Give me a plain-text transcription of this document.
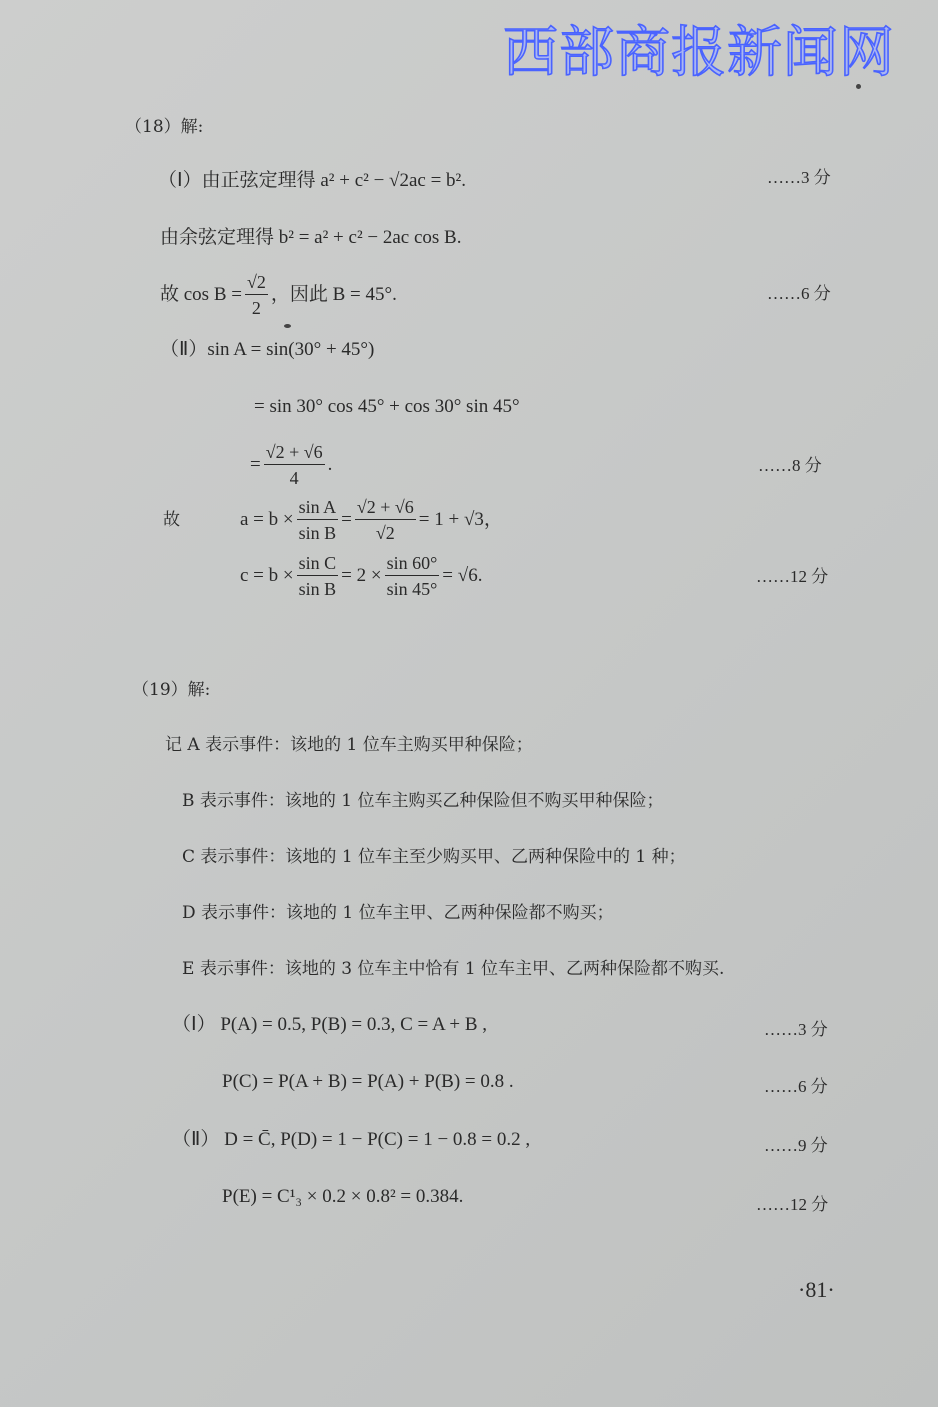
西部商报新闻网
（18）解:
（Ⅰ）由正弦定理得 a² + c² − √2ac = b².	……3 分
由余弦定理得 b² = a² + c² − 2ac cos B.
故 $\cos B = \frac{√2}{2}$ ，因此 B = 45°.	……6 分
（Ⅱ）sin A = sin(30° + 45°)
= sin 30° cos 45° + cos 30° sin 45°
= $\frac{√2 + √6}{4}$ .	……8 分
故	$a = b \times \frac{\text{sin A}}{\text{sin B}} = \frac{√2 + √6}{√2} = 1 + √3$，
$c = b \times \frac{\text{sin C}}{\text{sin B}} = 2 \times \frac{\sin 60^\circ}{\sin 45^\circ} = √6$.	……12 分
（19）解:
记 A 表示事件：该地的 1 位车主购买甲种保险；
B 表示事件：该地的 1 位车主购买乙种保险但不购买甲种保险；
C 表示事件：该地的 1 位车主至少购买甲、乙两种保险中的 1 种；
D 表示事件：该地的 1 位车主甲、乙两种保险都不购买；
E 表示事件：该地的 3 位车主中恰有 1 位车主甲、乙两种保险都不购买.
（Ⅰ） P(A) = 0.5, P(B) = 0.3, C = A + B ,	……3 分
P(C) = P(A + B) = P(A) + P(B) = 0.8 .	……6 分
（Ⅱ） D = C̄, P(D) = 1 − P(C) = 1 − 0.8 = 0.2 ,	……9 分
P(E) = C¹₃ × 0.2 × 0.8² = 0.384.	……12 分
·81·
